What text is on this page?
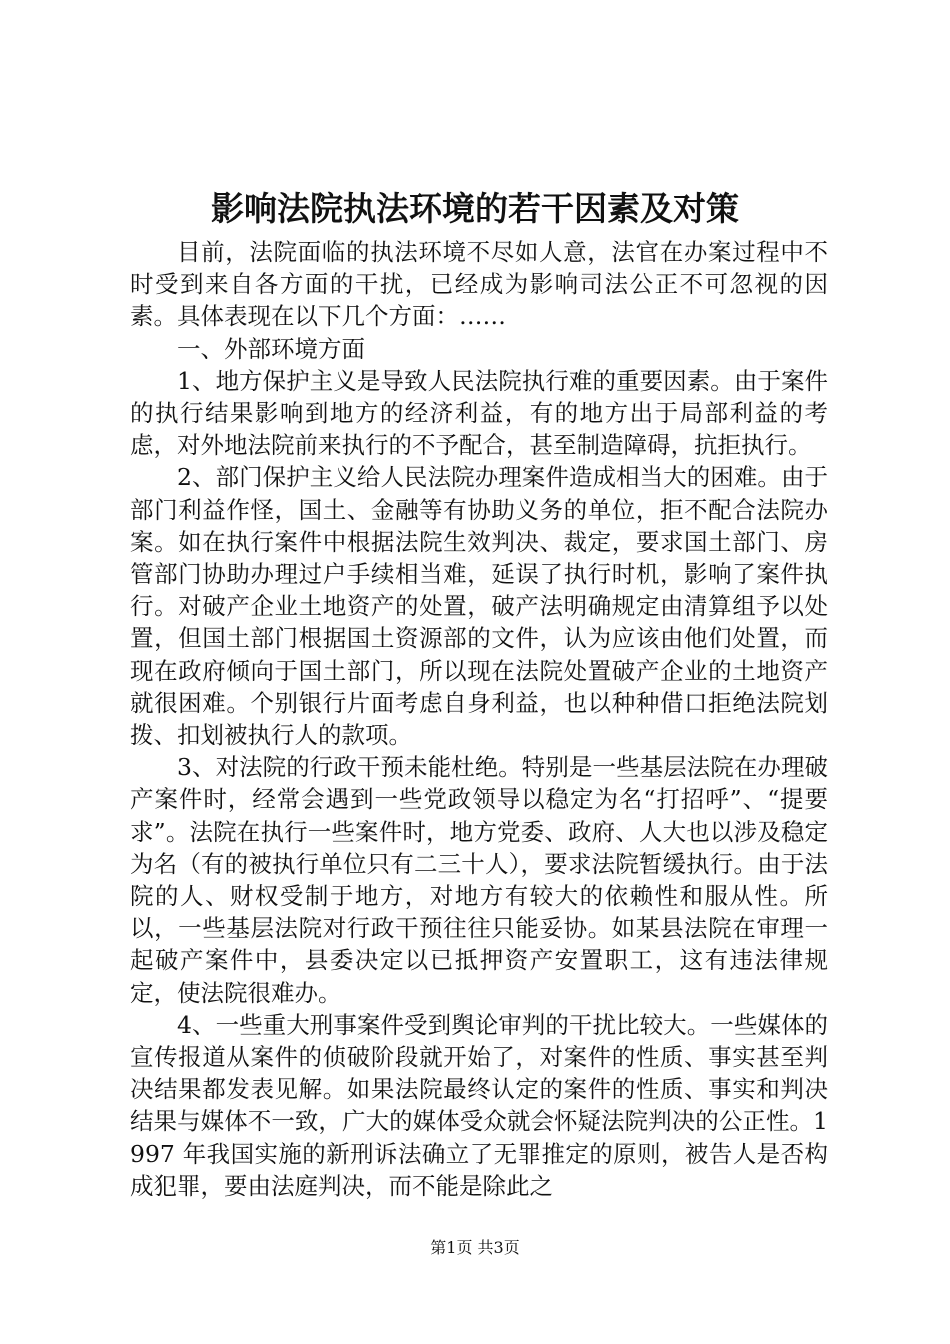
影响法院执法环境的若干因素及对策

目前，法院面临的执法环境不尽如人意，法官在办案过程中不时受到来自各方面的干扰，已经成为影响司法公正不可忽视的因素。具体表现在以下几个方面：……

一、外部环境方面

1、地方保护主义是导致人民法院执行难的重要因素。由于案件的执行结果影响到地方的经济利益，有的地方出于局部利益的考虑，对外地法院前来执行的不予配合，甚至制造障碍，抗拒执行。

2、部门保护主义给人民法院办理案件造成相当大的困难。由于部门利益作怪，国土、金融等有协助义务的单位，拒不配合法院办案。如在执行案件中根据法院生效判决、裁定，要求国土部门、房管部门协助办理过户手续相当难，延误了执行时机，影响了案件执行。对破产企业土地资产的处置，破产法明确规定由清算组予以处置，但国土部门根据国土资源部的文件，认为应该由他们处置，而现在政府倾向于国土部门，所以现在法院处置破产企业的土地资产就很困难。个别银行片面考虑自身利益，也以种种借口拒绝法院划拨、扣划被执行人的款项。

3、对法院的行政干预未能杜绝。特别是一些基层法院在办理破产案件时，经常会遇到一些党政领导以稳定为名“打招呼”、“提要求”。法院在执行一些案件时，地方党委、政府、人大也以涉及稳定为名（有的被执行单位只有二三十人），要求法院暂缓执行。由于法院的人、财权受制于地方，对地方有较大的依赖性和服从性。所以，一些基层法院对行政干预往往只能妥协。如某县法院在审理一起破产案件中，县委决定以已抵押资产安置职工，这有违法律规定，使法院很难办。

4、一些重大刑事案件受到舆论审判的干扰比较大。一些媒体的宣传报道从案件的侦破阶段就开始了，对案件的性质、事实甚至判决结果都发表见解。如果法院最终认定的案件的性质、事实和判决结果与媒体不一致，广大的媒体受众就会怀疑法院判决的公正性。1997 年我国实施的新刑诉法确立了无罪推定的原则，被告人是否构成犯罪，要由法庭判决，而不能是除此之

第1页 共3页
